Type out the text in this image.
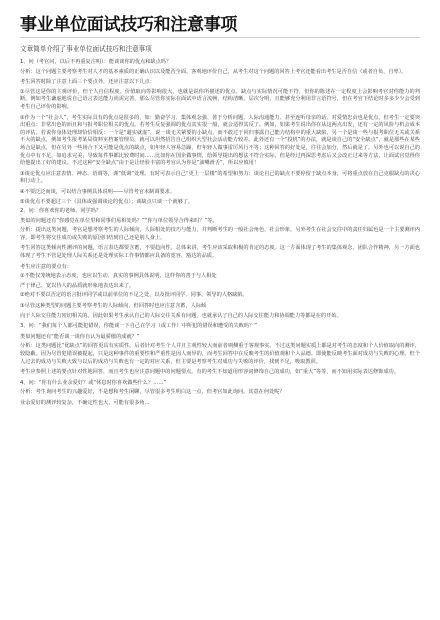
事业单位面试技巧和注意事项
文章简单介绍了事业单位面试技巧和注意事项

1、问（考官问，以后不再重复注明）：能谈谈你的优点和缺点吗？

分析：这个问题主要考察考生对人才的基本素质的正确认识以及能否全面、客观地评价自己，从考生对这个问题的回答上考官还能看出考生是否自信（或者自负、自卑）。

考生回答时除了注意上面三个要点外，还应注意以下几点：

①尽管这是你的主观评价，但个人自信程度、价值取向等影响很大，也就是说你所描述的优点、缺点与实际情况可能不符，但你的陈述在一定程度上会影响考官对你能力的判断。例如考生谦虚地说自己语言表达能力尚需完善，那么尽管你实际在面试中语言流畅、结构清晰、层次分明，且能够充分利用非言语符号，但在考官下结论时多多少少会受到考生自己评价的影响。

②作为一个“社会人”，考生实际具有的优点是很多的，如：勤奋学习、集体观念强、善于分析问题、人际沟通能力、甚至连听母亲的话、对爱情忠贞也是优点，但考生一定要突出重点：非常出色的而且和与报考职位相关的优点。若考生反复强调的优点其实很一般，就会适得其反了。例如，如果考生说出你在从这两点出发，还有一定的风险与机会成本的评估。若说你身体处理却恰恰相反：一个是“避实就虚”，说一谈无关紧要的小缺点，而不敢过于回归事露自己能力结构中的重大缺陷，另一个是谈一些与报考职位无关或关系不大的缺点，例如考生报考某局资料室档案管理员，就可以坦然招告自己组织大型社会活动能力较差。此外还有一个“投机”的办法，就是谈自己的“安全缺点”，就是那些在某些场合是缺点，但在另外一些场合下又可能是优点的缺点，如年轻人容易急躁，但年轻人做事雷厉风行不等；这种回答的好处是，往往会加分，然后就是了。另外也可以说自己的优点中有不足，如追求完美，导致每件事都比较费时间……比如你在国企做事情，给领导提出的想法不符合实际，但是经过再深思考虑后又会改正过来等方法，让面试官觉得你给他提出了好的建议。不过这种“安全缺点”由于是让经验丰富的考官认为你是“油嘴滑舌”，所以应慎用！

③谈论优点应注意表情、神态、语调等，谨“低调”处理。有时可表示自己“更上一层楼”的希望和努力；谈论自己的缺点不要停留于缺点本身，可将重点放在自己克服缺点的决心和行动上。

④不要泛泛而谈，可以结合事例具体说明——尽管考官未制调要求。

⑤谈优点不要超过三个（具体或强调谈论的优点）；谈缺点只谈一个就够了。

2、问：你喜欢你的老师、同学吗？

类似的问题还有“你感觉在单位里和同事们易相处吗？”“你与单位领导合得来吗？”等。

分析：提出这类问题，考官是想考察考生的人际倾向，人际相处的技巧与能力，并判断考生的一般社会角色，社会形象。另外考生在社会交往中的责任归属也是一个主要测评内容，即考生将交往成功或失败的原因归结到自己还是别人身上。

考生回答这类倾向性测评的问题，语言表达都要含蓄，不要趋向性。总体来讲，考生应该采取积极的肯定的态度。这一方面体现了考生的集体观念，团队合作精神，另一方面也体现了考生不管是处理人际关系还是处理实际工作事情都应具备的宽容、豁达的品质。

考生应注意的要点有：

①不能仅笼统地表示态度，也应以生动、真实的事例具体说明，这样你的善于与人相处

严于律己、宽以待人的品质就形象地表达出来了。

②绝对不要以否定的语言批评同学或以前单位的不足之处，以及批评同学、同事、领导的人格缺陷。

③尽管这种类型的问题主要考察考生的人际倾向，但回答时也应注意含蓄，人际倾

向于人际交往能力密切相关的。因此如果考生承认自己的人际交往关系有问题，也就承认了自己的人际交往能力和协调能力等都是在的开始。

3、问：“我们每个人都可能犯错误，你能谈一下自己在学习（或工作）中所犯的错误和遭受的失败吗？”

类似问题还有“能否谈一谈你自认为最骄傲的成就？”

分析：这类问题比“优缺点”的回答更具有实质性。后者针对考生个人并且主观性较大而前者则侧重于客观事实。不过这类问题实质上都是对考生的态度和个人价值取向的测评，较隐蔽。因为尽管犯错误被提起，只是这种事件的重要性和严重性是因人而异的，而考生回答中在反映考生的价值观和个人品德。即使能反映考生面对成功与失败的心理。但个人过去的成功与失败大致与以后的成功与失败也有一定的对应关系，但主要是考察考生对成功与失败的评价，找到不足，吸取教训。

考生应参照上述的要点针对性地回答，而且考生也应注意问题中的问题要点。有的考生不知道用形容词修饰自己的成功，如“重大”等等，而不知用实际表达修饰成功。

4、问：“你有什么业余爱好？或“休息时你喜欢做些什么？……”

分析：考生询问考生的兴趣爱好，不是想和考生闲聊，尽管很多考生明白这一点，但考官如此询问。其意在何处呢？

业余爱好的测评较复杂，不确定性也大，可能有很多角...
